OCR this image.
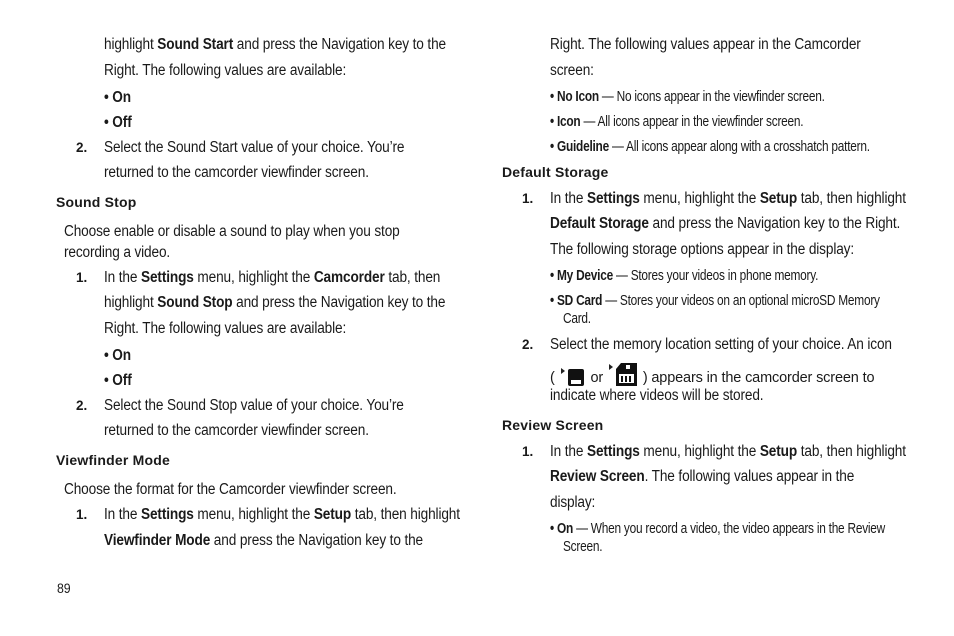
highlight Sound Start and press the Navigation key to the
Right. The following values are available:
• On
• Off
2. Select the Sound Start value of your choice. You’re
returned to the camcorder viewfinder screen.
Sound Stop
Choose enable or disable a sound to play when you stop
recording a video.
1. In the Settings menu, highlight the Camcorder tab, then
highlight Sound Stop and press the Navigation key to the
Right. The following values are available:
• On
• Off
2. Select the Sound Stop value of your choice. You’re
returned to the camcorder viewfinder screen.
Viewfinder Mode
Choose the format for the Camcorder viewfinder screen.
1. In the Settings menu, highlight the Setup tab, then highlight
Viewfinder Mode and press the Navigation key to the
89
Right. The following values appear in the Camcorder
screen:
• No Icon — No icons appear in the viewfinder screen.
• Icon — All icons appear in the viewfinder screen.
• Guideline — All icons appear along with a crosshatch pattern.
Default Storage
1. In the Settings menu, highlight the Setup tab, then highlight
Default Storage and press the Navigation key to the Right.
The following storage options appear in the display:
• My Device — Stores your videos in phone memory.
• SD Card — Stores your videos on an optional microSD Memory
Card.
2. Select the memory location setting of your choice. An icon
(  or  ) appears in the camcorder screen to
indicate where videos will be stored.
Review Screen
1. In the Settings menu, highlight the Setup tab, then highlight
Review Screen. The following values appear in the
display:
• On — When you record a video, the video appears in the Review
Screen.
